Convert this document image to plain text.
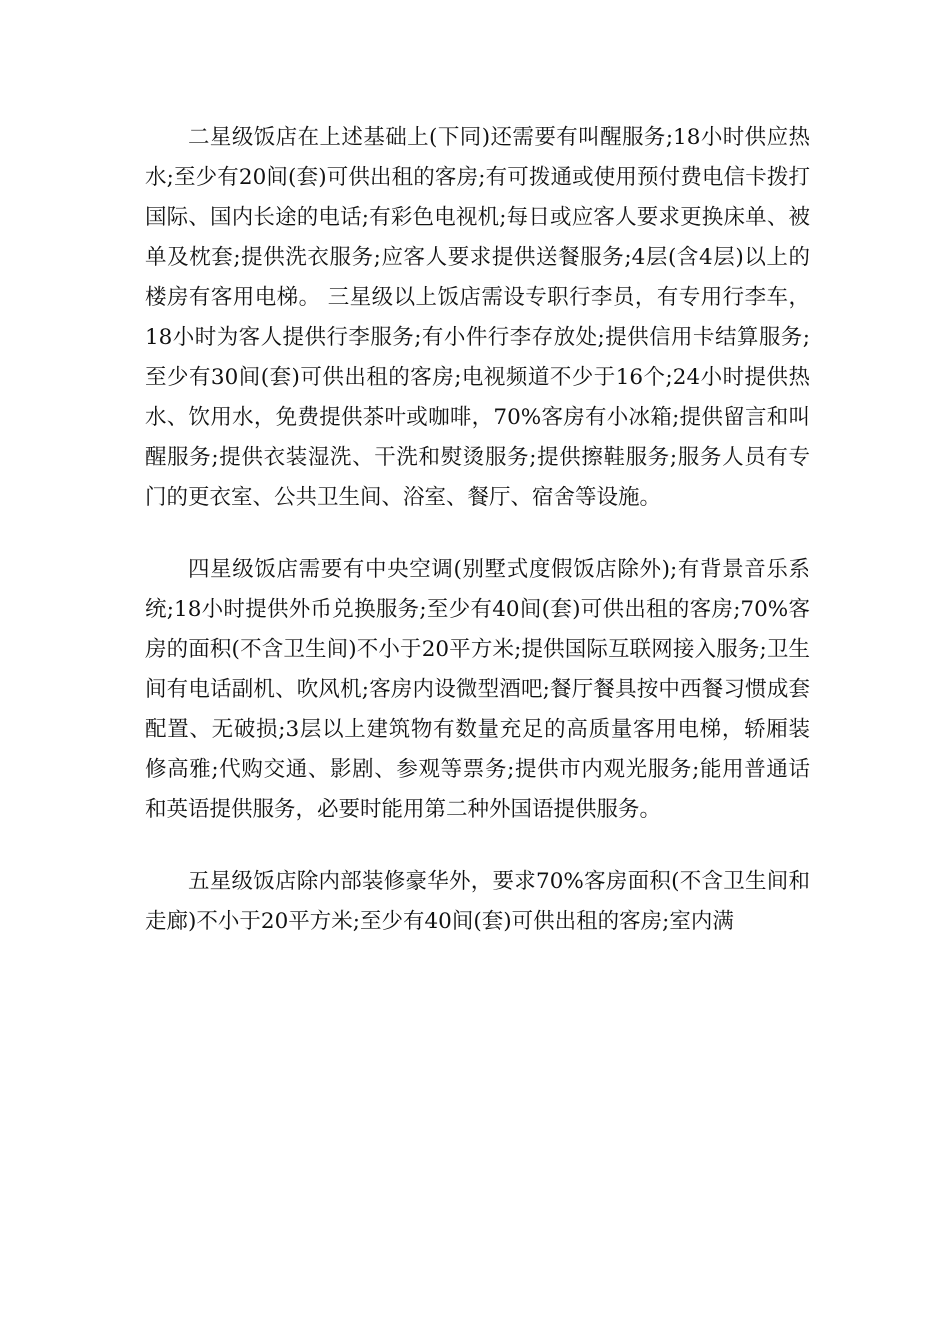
二星级饭店在上述基础上(下同)还需要有叫醒服务;18小时供应热水;至少有20间(套)可供出租的客房;有可拨通或使用预付费电信卡拨打国际、国内长途的电话;有彩色电视机;每日或应客人要求更换床单、被单及枕套;提供洗衣服务;应客人要求提供送餐服务;4层(含4层)以上的楼房有客用电梯。 三星级以上饭店需设专职行李员，有专用行李车，18小时为客人提供行李服务;有小件行李存放处;提供信用卡结算服务;至少有30间(套)可供出租的客房;电视频道不少于16个;24小时提供热水、饮用水，免费提供茶叶或咖啡，70%客房有小冰箱;提供留言和叫醒服务;提供衣装湿洗、干洗和熨烫服务;提供擦鞋服务;服务人员有专门的更衣室、公共卫生间、浴室、餐厅、宿舍等设施。

四星级饭店需要有中央空调(别墅式度假饭店除外);有背景音乐系统;18小时提供外币兑换服务;至少有40间(套)可供出租的客房;70%客房的面积(不含卫生间)不小于20平方米;提供国际互联网接入服务;卫生间有电话副机、吹风机;客房内设微型酒吧;餐厅餐具按中西餐习惯成套配置、无破损;3层以上建筑物有数量充足的高质量客用电梯，轿厢装修高雅;代购交通、影剧、参观等票务;提供市内观光服务;能用普通话和英语提供服务，必要时能用第二种外国语提供服务。

五星级饭店除内部装修豪华外，要求70%客房面积(不含卫生间和走廊)不小于20平方米;至少有40间(套)可供出租的客房;室内满
